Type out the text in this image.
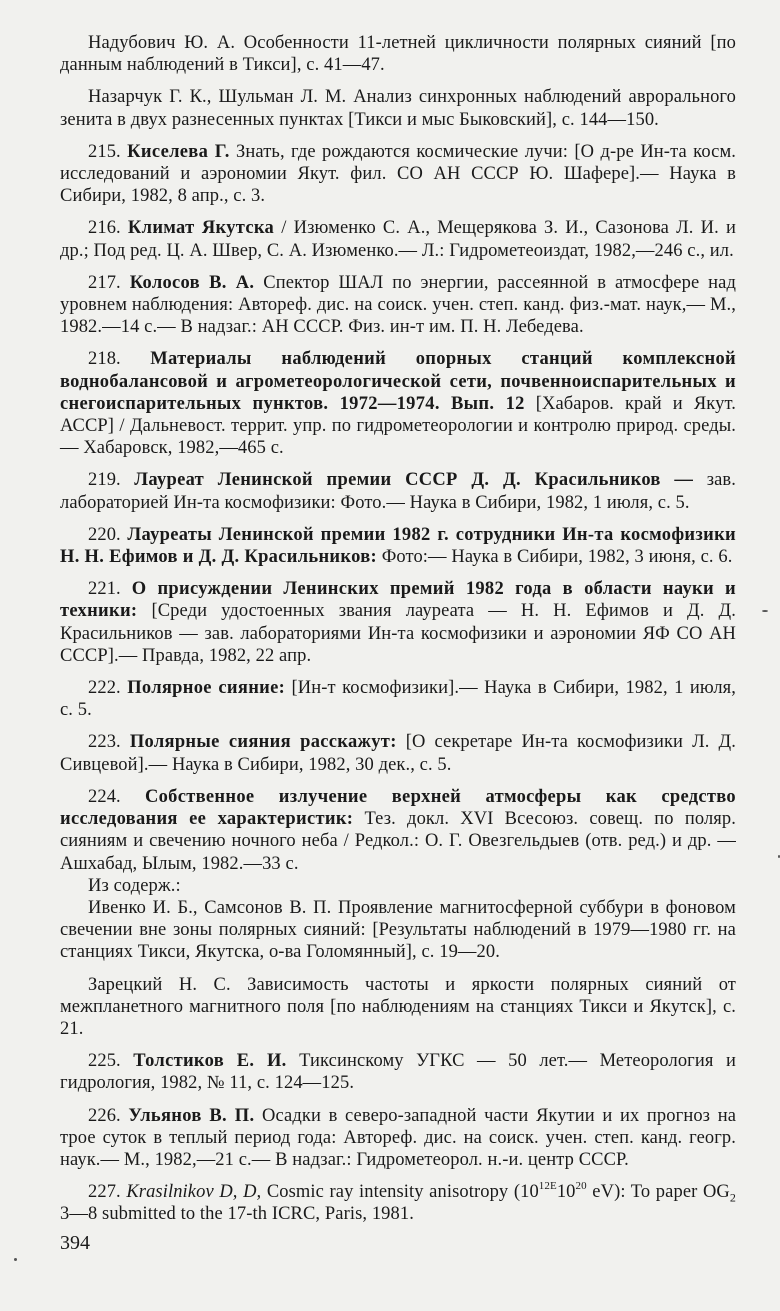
Надубович Ю. А. Особенности 11-летней цикличности полярных сияний [по данным наблюдений в Тикси], с. 41—47.

Назарчук Г. К., Шульман Л. М. Анализ синхронных наблюдений аврорального зенита в двух разнесенных пунктах [Тикси и мыс Быковский], с. 144—150.

215. Киселева Г. Знать, где рождаются космические лучи: [О д-ре Ин-та косм. исследований и аэрономии Якут. фил. СО АН СССР Ю. Шафере].— Наука в Сибири, 1982, 8 апр., с. 3.

216. Климат Якутска / Изюменко С. А., Мещерякова З. И., Сазонова Л. И. и др.; Под ред. Ц. А. Швер, С. А. Изюменко.— Л.: Гидрометеоиздат, 1982,—246 с., ил.

217. Колосов В. А. Спектор ШАЛ по энергии, рассеянной в атмосфере над уровнем наблюдения: Автореф. дис. на соиск. учен. степ. канд. физ.-мат. наук,— М., 1982.—14 с.— В надзаг.: АН СССР. Физ. ин-т им. П. Н. Лебедева.

218. Материалы наблюдений опорных станций комплексной воднобалансовой и агрометеорологической сети, почвенноиспарительных и снегоиспарительных пунктов. 1972—1974. Вып. 12 [Хабаров. край и Якут. АССР] / Дальневост. террит. упр. по гидрометеорологии и контролю природ. среды.— Хабаровск, 1982,—465 с.

219. Лауреат Ленинской премии СССР Д. Д. Красильников — зав. лабораторией Ин-та космофизики: Фото.— Наука в Сибири, 1982, 1 июля, с. 5.

220. Лауреаты Ленинской премии 1982 г. сотрудники Ин-та космофизики Н. Н. Ефимов и Д. Д. Красильников: Фото:— Наука в Сибири, 1982, 3 июня, с. 6.

221. О присуждении Ленинских премий 1982 года в области науки и техники: [Среди удостоенных звания лауреата — Н. Н. Ефимов и Д. Д. Красильников — зав. лабораториями Ин-та космофизики и аэрономии ЯФ СО АН СССР].— Правда, 1982, 22 апр.

222. Полярное сияние: [Ин-т космофизики].— Наука в Сибири, 1982, 1 июля, с. 5.

223. Полярные сияния расскажут: [О секретаре Ин-та космофизики Л. Д. Сивцевой].— Наука в Сибири, 1982, 30 дек., с. 5.

224. Собственное излучение верхней атмосферы как средство исследования ее характеристик: Тез. докл. XVI Всесоюз. совещ. по поляр. сияниям и свечению ночного неба / Редкол.: О. Г. Овезгельдыев (отв. ред.) и др. — Ашхабад, Ылым, 1982.—33 с.

Из содерж.:

Ивенко И. Б., Самсонов В. П. Проявление магнитосферной суббури в фоновом свечении вне зоны полярных сияний: [Результаты наблюдений в 1979—1980 гг. на станциях Тикси, Якутска, о-ва Голомянный], с. 19—20.

Зарецкий Н. С. Зависимость частоты и яркости полярных сияний от межпланетного магнитного поля [по наблюдениям на станциях Тикси и Якутск], с. 21.

225. Толстиков Е. И. Тиксинскому УГКС — 50 лет.— Метеорология и гидрология, 1982, № 11, с. 124—125.

226. Ульянов В. П. Осадки в северо-западной части Якутии и их прогноз на трое суток в теплый период года: Автореф. дис. на соиск. учен. степ. канд. геогр. наук.— М., 1982,—21 с.— В надзаг.: Гидрометеорол. н.-и. центр СССР.

227. Krasilnikov D, D, Cosmic ray intensity anisotropy ($10^{12E}10^{20}$ eV): To paper $OG_2$ 3—8 submitted to the 17-th ICRC, Paris, 1981.

394
